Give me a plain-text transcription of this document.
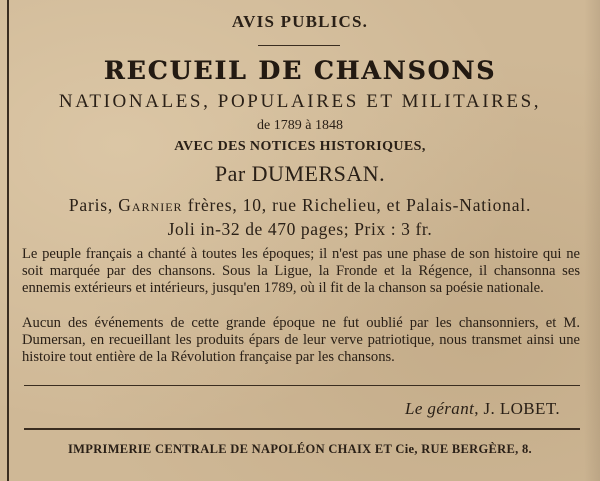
AVIS PUBLICS.
RECUEIL DE CHANSONS
NATIONALES, POPULAIRES ET MILITAIRES,
de 1789 à 1848
AVEC DES NOTICES HISTORIQUES,
Par DUMERSAN.
Paris, Garnier frères, 10, rue Richelieu, et Palais-National.
Joli in-32 de 470 pages; Prix : 3 fr.
Le peuple français a chanté à toutes les époques; il n'est pas une phase de son histoire qui ne soit marquée par des chansons. Sous la Ligue, la Fronde et la Régence, il chansonna ses ennemis extérieurs et intérieurs, jusqu'en 1789, où il fit de la chanson sa poésie nationale.
Aucun des événements de cette grande époque ne fut oublié par les chansonniers, et M. Dumersan, en recueillant les produits épars de leur verve patriotique, nous transmet ainsi une histoire tout entière de la Révolution française par les chansons.
Le gérant, J. LOBET.
IMPRIMERIE CENTRALE DE NAPOLÉON CHAIX ET Cie, RUE BERGÈRE, 8.
